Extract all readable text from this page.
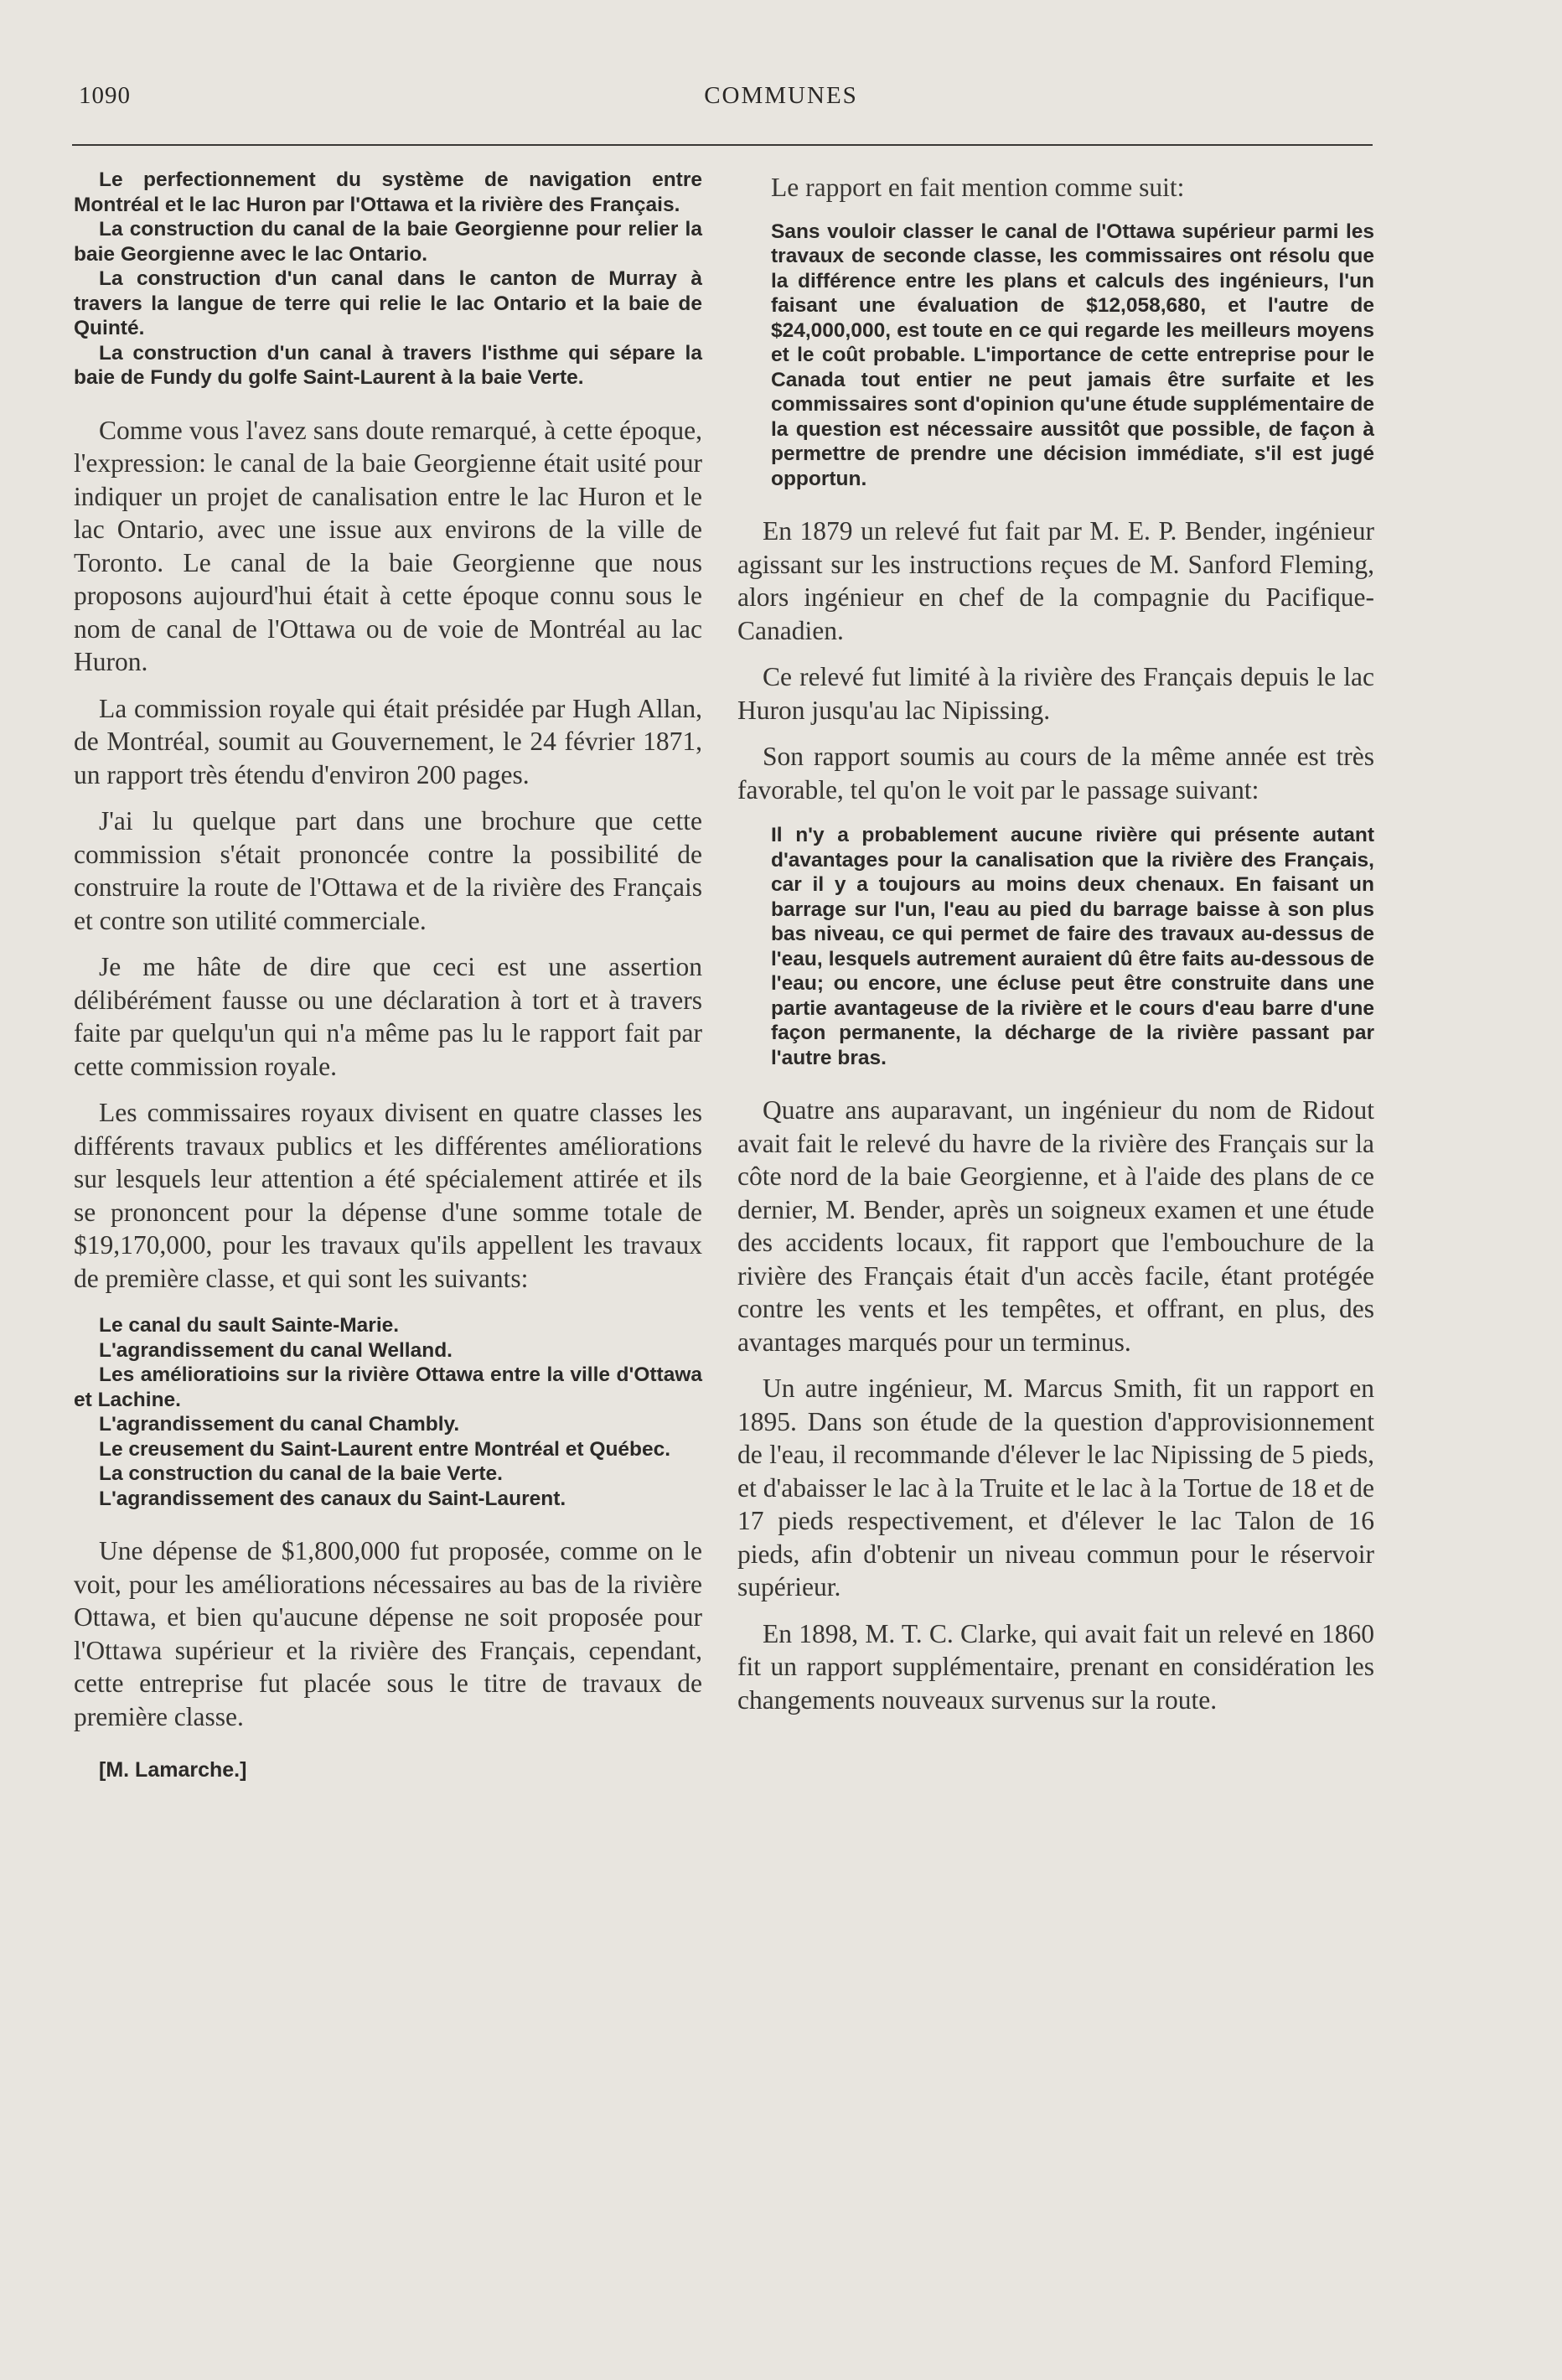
1090	COMMUNES

Le perfectionnement du système de navigation entre Montréal et le lac Huron par l'Ottawa et la rivière des Français.

La construction du canal de la baie Georgienne pour relier la baie Georgienne avec le lac Ontario.

La construction d'un canal dans le canton de Murray à travers la langue de terre qui relie le lac Ontario et la baie de Quinté.

La construction d'un canal à travers l'isthme qui sépare la baie de Fundy du golfe Saint-Laurent à la baie Verte.

Comme vous l'avez sans doute remarqué, à cette époque, l'expression: le canal de la baie Georgienne était usité pour indiquer un projet de canalisation entre le lac Huron et le lac Ontario, avec une issue aux environs de la ville de Toronto. Le canal de la baie Georgienne que nous proposons aujourd'hui était à cette époque connu sous le nom de canal de l'Ottawa ou de voie de Montréal au lac Huron.

La commission royale qui était présidée par Hugh Allan, de Montréal, soumit au Gouvernement, le 24 février 1871, un rapport très étendu d'environ 200 pages.

J'ai lu quelque part dans une brochure que cette commission s'était prononcée contre la possibilité de construire la route de l'Ottawa et de la rivière des Français et contre son utilité commerciale.

Je me hâte de dire que ceci est une assertion délibérément fausse ou une déclaration à tort et à travers faite par quelqu'un qui n'a même pas lu le rapport fait par cette commission royale.

Les commissaires royaux divisent en quatre classes les différents travaux publics et les différentes améliorations sur lesquels leur attention a été spécialement attirée et ils se prononcent pour la dépense d'une somme totale de $19,170,000, pour les travaux qu'ils appellent les travaux de première classe, et qui sont les suivants:

Le canal du sault Sainte-Marie.

L'agrandissement du canal Welland.

Les amélioratioins sur la rivière Ottawa entre la ville d'Ottawa et Lachine.

L'agrandissement du canal Chambly.

Le creusement du Saint-Laurent entre Montréal et Québec.

La construction du canal de la baie Verte.

L'agrandissement des canaux du Saint-Laurent.

Une dépense de $1,800,000 fut proposée, comme on le voit, pour les améliorations nécessaires au bas de la rivière Ottawa, et bien qu'aucune dépense ne soit proposée pour l'Ottawa supérieur et la rivière des Français, cependant, cette entreprise fut placée sous le titre de travaux de première classe.

[M. Lamarche.]
Le rapport en fait mention comme suit:

Sans vouloir classer le canal de l'Ottawa supérieur parmi les travaux de seconde classe, les commissaires ont résolu que la différence entre les plans et calculs des ingénieurs, l'un faisant une évaluation de $12,058,680, et l'autre de $24,000,000, est toute en ce qui regarde les meilleurs moyens et le coût probable. L'importance de cette entreprise pour le Canada tout entier ne peut jamais être surfaite et les commissaires sont d'opinion qu'une étude supplémentaire de la question est nécessaire aussitôt que possible, de façon à permettre de prendre une décision immédiate, s'il est jugé opportun.

En 1879 un relevé fut fait par M. E. P. Bender, ingénieur agissant sur les instructions reçues de M. Sanford Fleming, alors ingénieur en chef de la compagnie du Pacifique-Canadien.

Ce relevé fut limité à la rivière des Français depuis le lac Huron jusqu'au lac Nipissing.

Son rapport soumis au cours de la même année est très favorable, tel qu'on le voit par le passage suivant:

Il n'y a probablement aucune rivière qui présente autant d'avantages pour la canalisation que la rivière des Français, car il y a toujours au moins deux chenaux. En faisant un barrage sur l'un, l'eau au pied du barrage baisse à son plus bas niveau, ce qui permet de faire des travaux au-dessus de l'eau, lesquels autrement auraient dû être faits au-dessous de l'eau; ou encore, une écluse peut être construite dans une partie avantageuse de la rivière et le cours d'eau barre d'une façon permanente, la décharge de la rivière passant par l'autre bras.

Quatre ans auparavant, un ingénieur du nom de Ridout avait fait le relevé du havre de la rivière des Français sur la côte nord de la baie Georgienne, et à l'aide des plans de ce dernier, M. Bender, après un soigneux examen et une étude des accidents locaux, fit rapport que l'embouchure de la rivière des Français était d'un accès facile, étant protégée contre les vents et les tempêtes, et offrant, en plus, des avantages marqués pour un terminus.

Un autre ingénieur, M. Marcus Smith, fit un rapport en 1895. Dans son étude de la question d'approvisionnement de l'eau, il recommande d'élever le lac Nipissing de 5 pieds, et d'abaisser le lac à la Truite et le lac à la Tortue de 18 et de 17 pieds respectivement, et d'élever le lac Talon de 16 pieds, afin d'obtenir un niveau commun pour le réservoir supérieur.

En 1898, M. T. C. Clarke, qui avait fait un relevé en 1860 fit un rapport supplémentaire, prenant en considération les changements nouveaux survenus sur la route.
